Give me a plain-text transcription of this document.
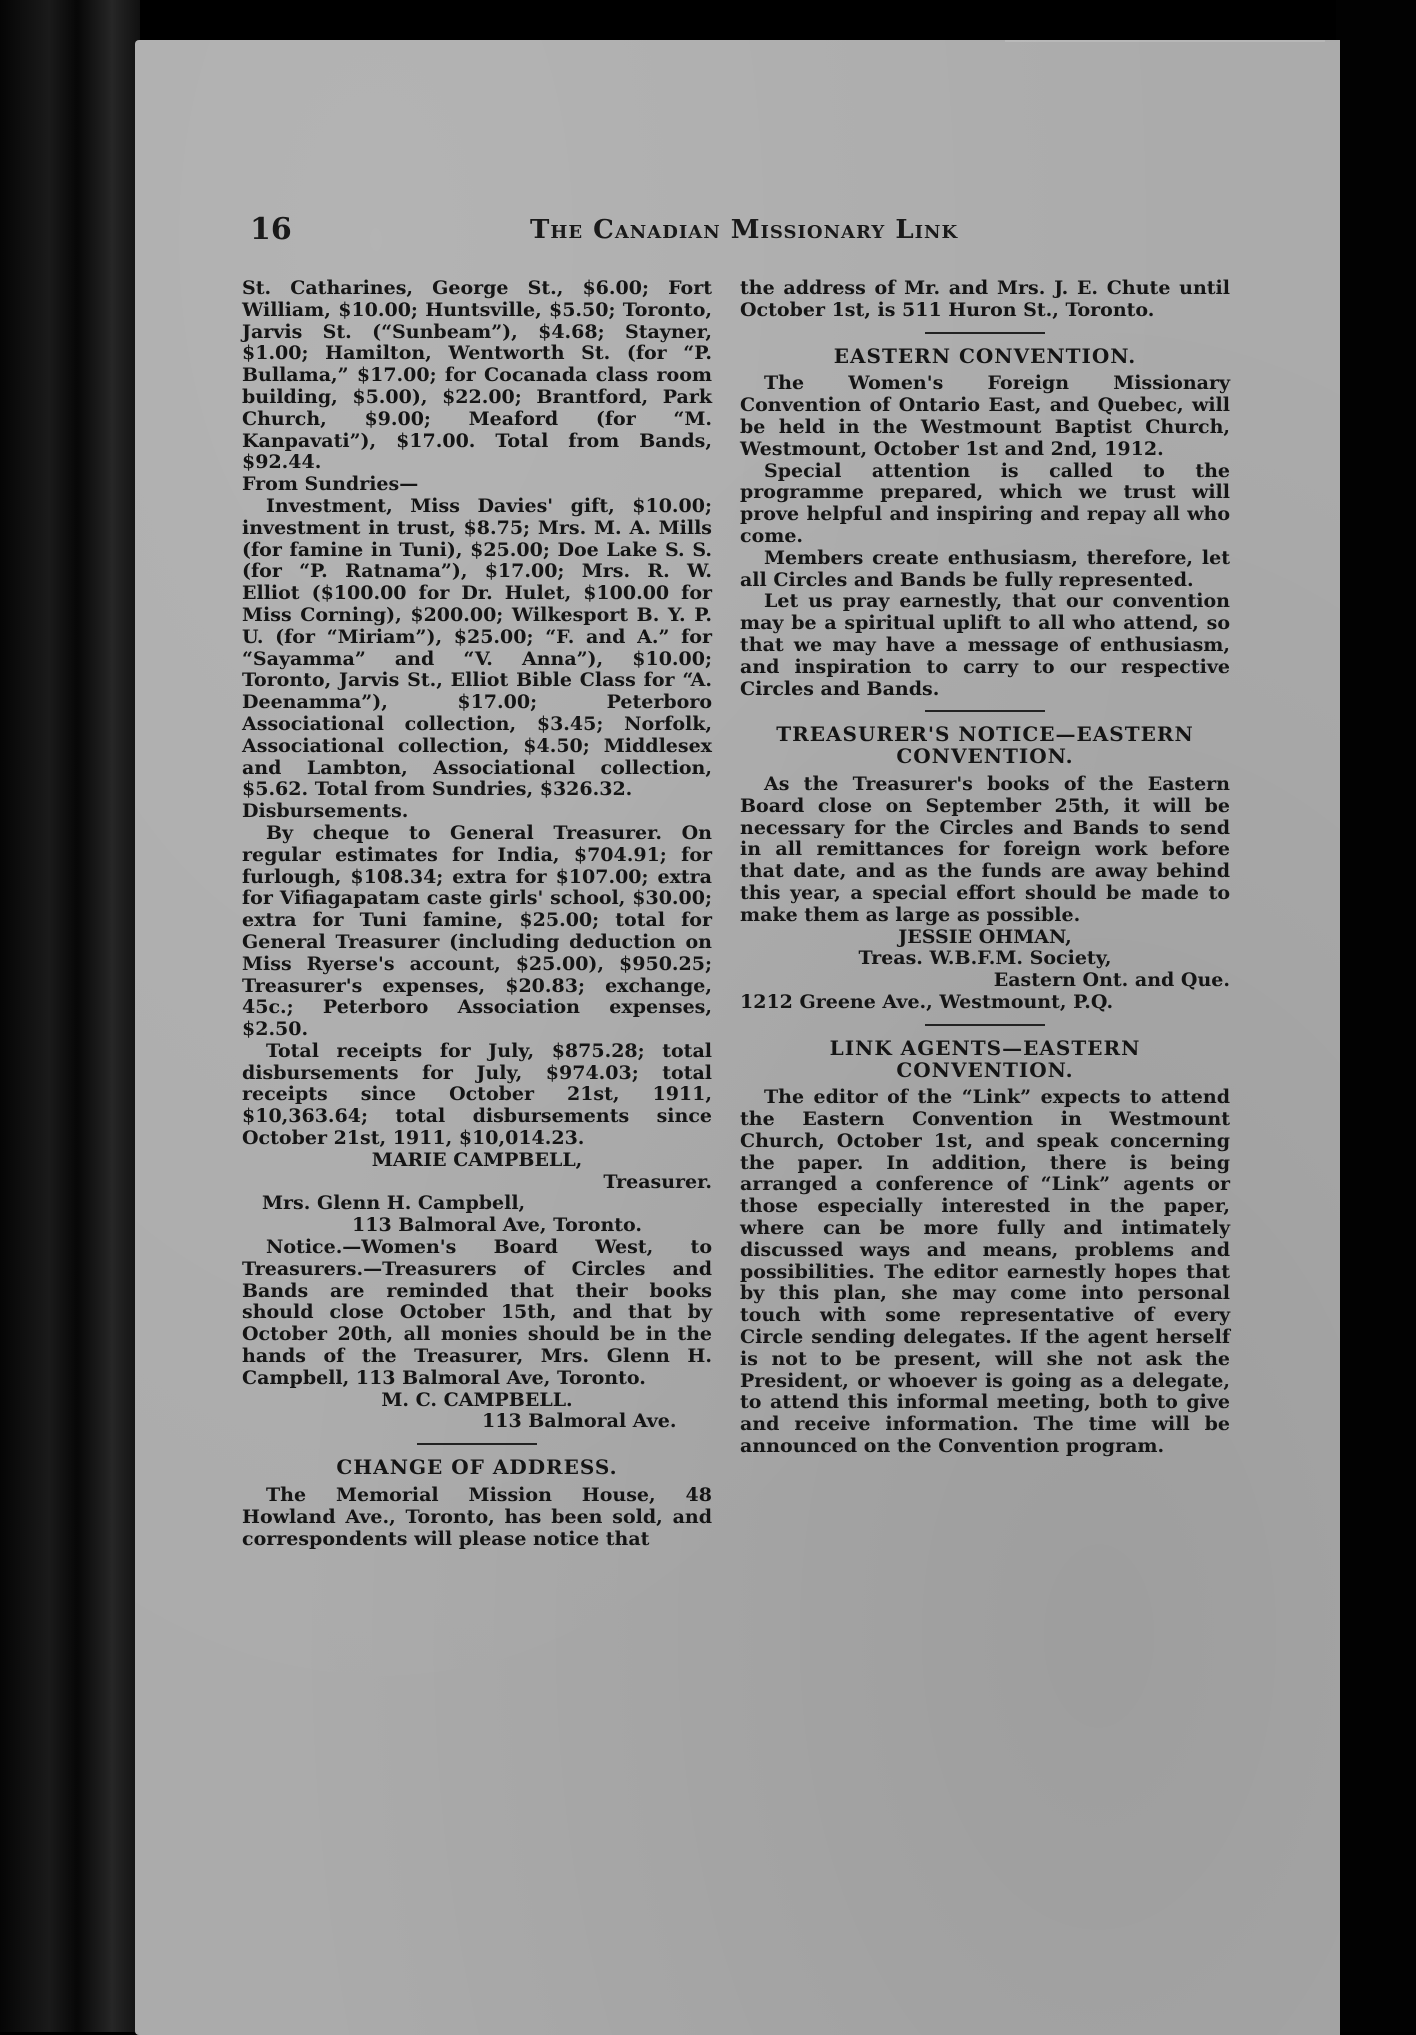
16	The Canadian Missionary Link

St. Catharines, George St., $6.00; Fort William, $10.00; Huntsville, $5.50; Toronto, Jarvis St. (“Sunbeam”), $4.68; Stayner, $1.00; Hamilton, Wentworth St. (for “P. Bullama,” $17.00; for Cocanada class room building, $5.00), $22.00; Brantford, Park Church, $9.00; Meaford (for “M. Kanpavati”), $17.00. Total from Bands, $92.44.

From Sundries—

Investment, Miss Davies' gift, $10.00; investment in trust, $8.75; Mrs. M. A. Mills (for famine in Tuni), $25.00; Doe Lake S. S. (for “P. Ratnama”), $17.00; Mrs. R. W. Elliot ($100.00 for Dr. Hulet, $100.00 for Miss Corning), $200.00; Wilkesport B. Y. P. U. (for “Miriam”), $25.00; “F. and A.” for “Sayamma” and “V. Anna”), $10.00; Toronto, Jarvis St., Elliot Bible Class for “A. Deenamma”), $17.00; Peterboro Associational collection, $3.45; Norfolk, Associational collection, $4.50; Middlesex and Lambton, Associational collection, $5.62. Total from Sundries, $326.32.

Disbursements.

By cheque to General Treasurer. On regular estimates for India, $704.91; for furlough, $108.34; extra for $107.00; extra for Vifiagapatam caste girls' school, $30.00; extra for Tuni famine, $25.00; total for General Treasurer (including deduction on Miss Ryerse's account, $25.00), $950.25; Treasurer's expenses, $20.83; exchange, 45c.; Peterboro Association expenses, $2.50.

Total receipts for July, $875.28; total disbursements for July, $974.03; total receipts since October 21st, 1911, $10,363.64; total disbursements since October 21st, 1911, $10,014.23.

MARIE CAMPBELL,

Treasurer.

Mrs. Glenn H. Campbell,

113 Balmoral Ave, Toronto.

Notice.—Women's Board West, to Treasurers.—Treasurers of Circles and Bands are reminded that their books should close October 15th, and that by October 20th, all monies should be in the hands of the Treasurer, Mrs. Glenn H. Campbell, 113 Balmoral Ave, Toronto.

M. C. CAMPBELL.

113 Balmoral Ave.

CHANGE OF ADDRESS.

The Memorial Mission House, 48 Howland Ave., Toronto, has been sold, and correspondents will please notice that

the address of Mr. and Mrs. J. E. Chute until October 1st, is 511 Huron St., Toronto.

EASTERN CONVENTION.

The Women's Foreign Missionary Convention of Ontario East, and Quebec, will be held in the Westmount Baptist Church, Westmount, October 1st and 2nd, 1912.

Special attention is called to the programme prepared, which we trust will prove helpful and inspiring and repay all who come.

Members create enthusiasm, therefore, let all Circles and Bands be fully represented.

Let us pray earnestly, that our convention may be a spiritual uplift to all who attend, so that we may have a message of enthusiasm, and inspiration to carry to our respective Circles and Bands.

TREASURER'S NOTICE—EASTERN CONVENTION.

As the Treasurer's books of the Eastern Board close on September 25th, it will be necessary for the Circles and Bands to send in all remittances for foreign work before that date, and as the funds are away behind this year, a special effort should be made to make them as large as possible.

JESSIE OHMAN,

Treas. W.B.F.M. Society,

Eastern Ont. and Que.

1212 Greene Ave., Westmount, P.Q.

LINK AGENTS—EASTERN CONVENTION.

The editor of the “Link” expects to attend the Eastern Convention in Westmount Church, October 1st, and speak concerning the paper. In addition, there is being arranged a conference of “Link” agents or those especially interested in the paper, where can be more fully and intimately discussed ways and means, problems and possibilities. The editor earnestly hopes that by this plan, she may come into personal touch with some representative of every Circle sending delegates. If the agent herself is not to be present, will she not ask the President, or whoever is going as a delegate, to attend this informal meeting, both to give and receive information. The time will be announced on the Convention program.
